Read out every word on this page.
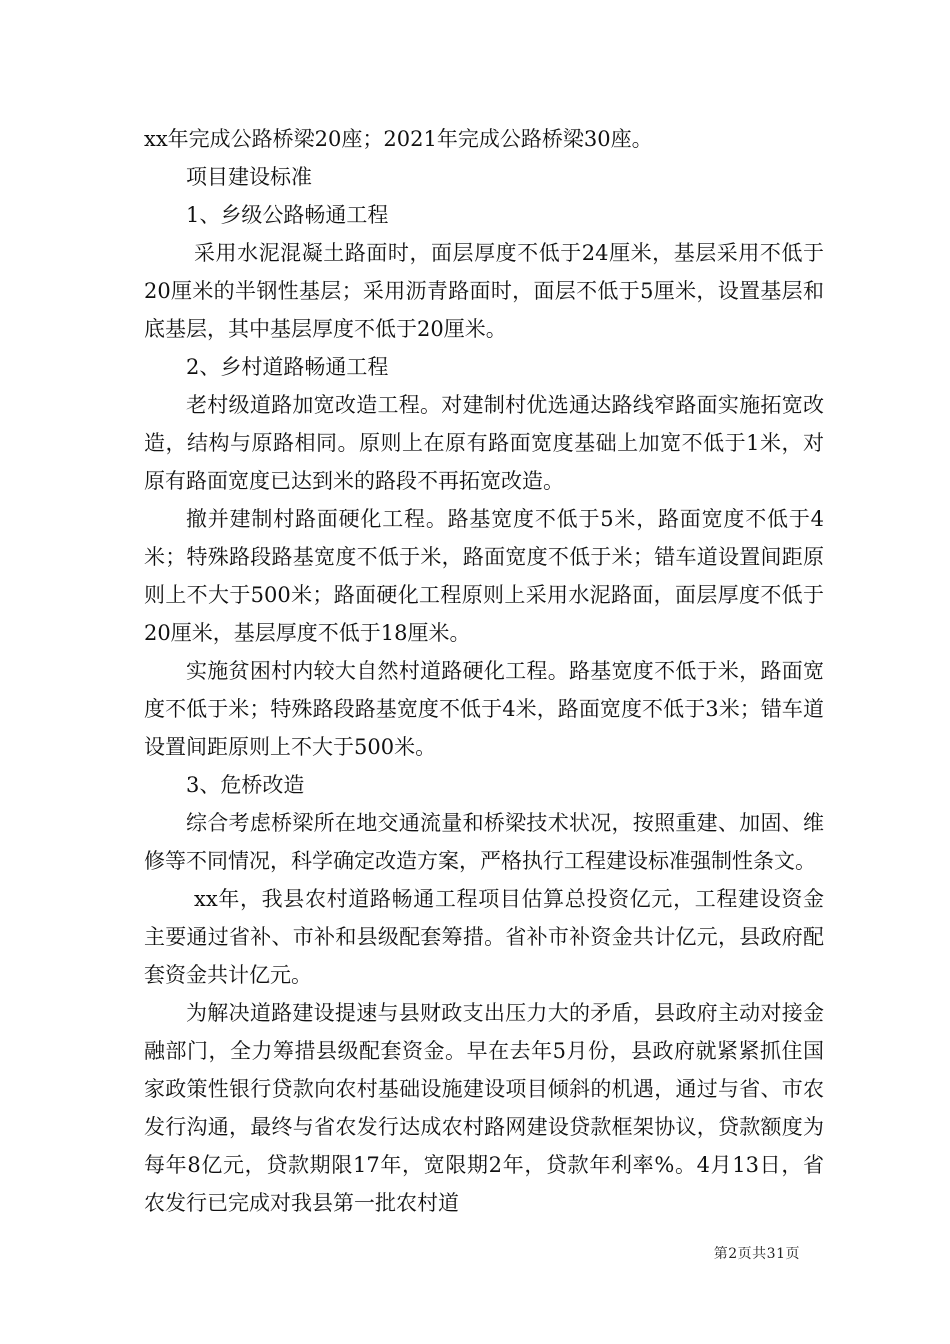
xx年完成公路桥梁20座；2021年完成公路桥梁30座。

项目建设标准

1、乡级公路畅通工程

采用水泥混凝土路面时，面层厚度不低于24厘米，基层采用不低于20厘米的半钢性基层；采用沥青路面时，面层不低于5厘米，设置基层和底基层，其中基层厚度不低于20厘米。

2、乡村道路畅通工程

老村级道路加宽改造工程。对建制村优选通达路线窄路面实施拓宽改造，结构与原路相同。原则上在原有路面宽度基础上加宽不低于1米，对原有路面宽度已达到米的路段不再拓宽改造。

撤并建制村路面硬化工程。路基宽度不低于5米，路面宽度不低于4米；特殊路段路基宽度不低于米，路面宽度不低于米；错车道设置间距原则上不大于500米；路面硬化工程原则上采用水泥路面，面层厚度不低于20厘米，基层厚度不低于18厘米。

实施贫困村内较大自然村道路硬化工程。路基宽度不低于米，路面宽度不低于米；特殊路段路基宽度不低于4米，路面宽度不低于3米；错车道设置间距原则上不大于500米。

3、危桥改造

综合考虑桥梁所在地交通流量和桥梁技术状况，按照重建、加固、维修等不同情况，科学确定改造方案，严格执行工程建设标准强制性条文。

xx年，我县农村道路畅通工程项目估算总投资亿元，工程建设资金主要通过省补、市补和县级配套筹措。省补市补资金共计亿元，县政府配套资金共计亿元。

为解决道路建设提速与县财政支出压力大的矛盾，县政府主动对接金融部门，全力筹措县级配套资金。早在去年5月份，县政府就紧紧抓住国家政策性银行贷款向农村基础设施建设项目倾斜的机遇，通过与省、市农发行沟通，最终与省农发行达成农村路网建设贷款框架协议，贷款额度为每年8亿元，贷款期限17年，宽限期2年，贷款年利率%。4月13日，省农发行已完成对我县第一批农村道

第2页共31页
